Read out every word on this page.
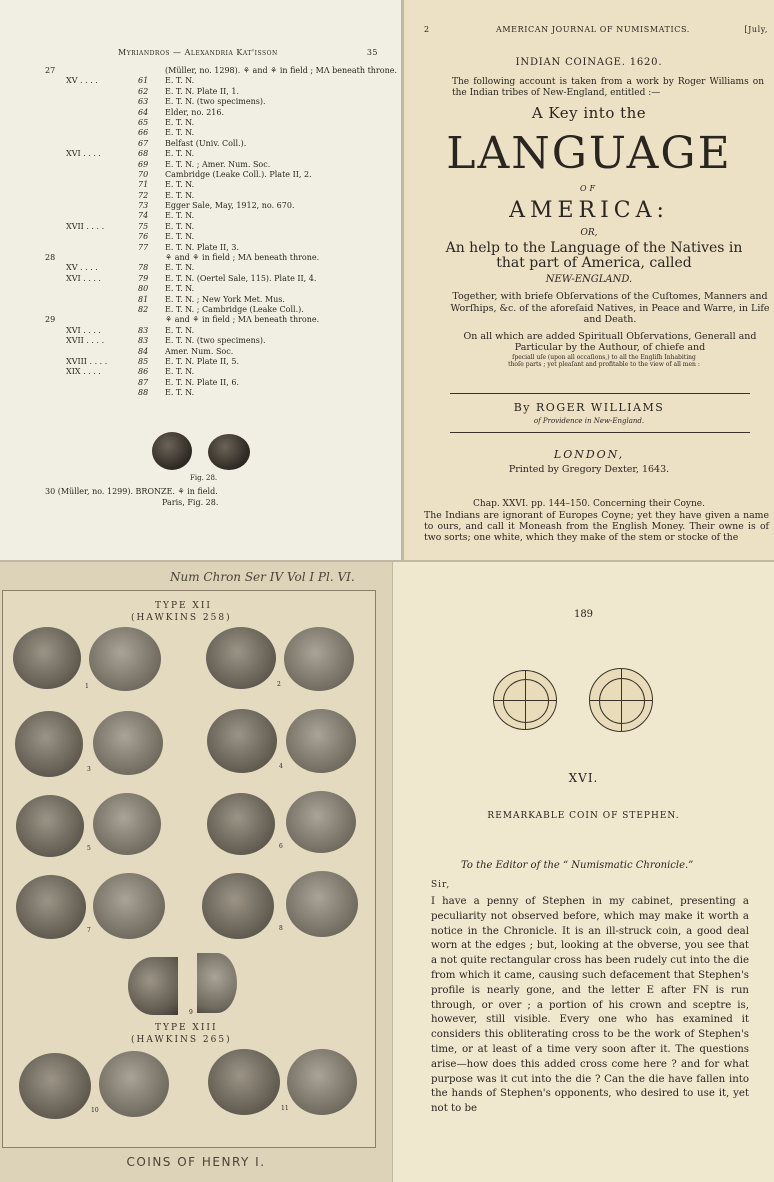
Myriandros — Alexandria Kat'isson	35
27	(Müller, no. 1298). ⚘ and ⚘ in field ; ΜΛ beneath throne.
XV . . . .	61 E. T. N.
62 E. T. N. Plate II, 1.
63 E. T. N. (two specimens).
64 Elder, no. 216.
65 E. T. N.
66 E. T. N.
67 Belfast (Univ. Coll.).
XVI . . . .	68 E. T. N.
69 E. T. N. ; Amer. Num. Soc.
70 Cambridge (Leake Coll.). Plate II, 2.
71 E. T. N.
72 E. T. N.
73 Egger Sale, May, 1912, no. 670.
74 E. T. N.
XVII . . . .	75 E. T. N.
76 E. T. N.
77 E. T. N. Plate II, 3.
28	⚘ and ⚘ in field ; ΜΛ beneath throne.
XV . . . .	78 E. T. N.
XVI . . . .	79 E. T. N. (Oertel Sale, 115). Plate II, 4.
80 E. T. N.
81 E. T. N. ; New York Met. Mus.
82 E. T. N. ; Cambridge (Leake Coll.).
29	⚘ and ⚘ in field ; ΜΛ beneath throne.
XVI . . . .	83 E. T. N.
XVII . . . .	83 E. T. N. (two specimens).
84 Amer. Num. Soc.
XVIII . . . .	85 E. T. N. Plate II, 5.
XIX . . . .	86 E. T. N.
87 E. T. N. Plate II, 6.
88 E. T. N.
Fig. 28.
30 (Müller, no. 1299). BRONZE. ⚘ in field.
Paris, Fig. 28.
2	AMERICAN JOURNAL OF NUMISMATICS.	[July,
INDIAN COINAGE. 1620.
The following account is taken from a work by Roger Williams on the Indian tribes of New-England, entitled :—
A Key into the
LANGUAGE
OF
AMERICA:
OR,
An help to the Language of the Natives in that part of America, called
NEW-ENGLAND.
Together, with briefe Obſervations of the Cuſtomes, Manners and Worſhips, &c. of the aforeſaid Natives, in Peace and Warre, in Life and Death.
On all which are added Spirituall Obſervations, Generall and Particular by the Authour, of chiefe and
ſpeciall uſe (upon all occaſions,) to all the Engliſh Inhabiting thoſe parts ; yet pleaſant and profitable to the view of all men :
By ROGER WILLIAMS
of Providence in New-England.
LONDON,
Printed by Gregory Dexter, 1643.
Chap. XXVI. pp. 144–150. Concerning their Coyne.
The Indians are ignorant of Europes Coyne; yet they have given a name to ours, and call it Moneash from the English Money. Their owne is of two sorts; one white, which they make of the stem or stocke of the
Num Chron Ser IV Vol I Pl. VI.
TYPE XII
(HAWKINS 258)
1	2
3	4
5	6
7	8
9
TYPE XIII
(HAWKINS 265)
10	11
COINS OF HENRY I.
189
XVI.
REMARKABLE COIN OF STEPHEN.
To the Editor of the “ Numismatic Chronicle.”
Sir,
I have a penny of Stephen in my cabinet, presenting a peculiarity not observed before, which may make it worth a notice in the Chronicle. It is an ill-struck coin, a good deal worn at the edges ; but, looking at the obverse, you see that a not quite rectangular cross has been rudely cut into the die from which it came, causing such defacement that Stephen's profile is nearly gone, and the letter E after FN is run through, or over ; a portion of his crown and sceptre is, however, still visible. Every one who has examined it considers this obliterating cross to be the work of Stephen's time, or at least of a time very soon after it. The questions arise—how does this added cross come here ? and for what purpose was it cut into the die ? Can the die have fallen into the hands of Stephen's opponents, who desired to use it, yet not to be
